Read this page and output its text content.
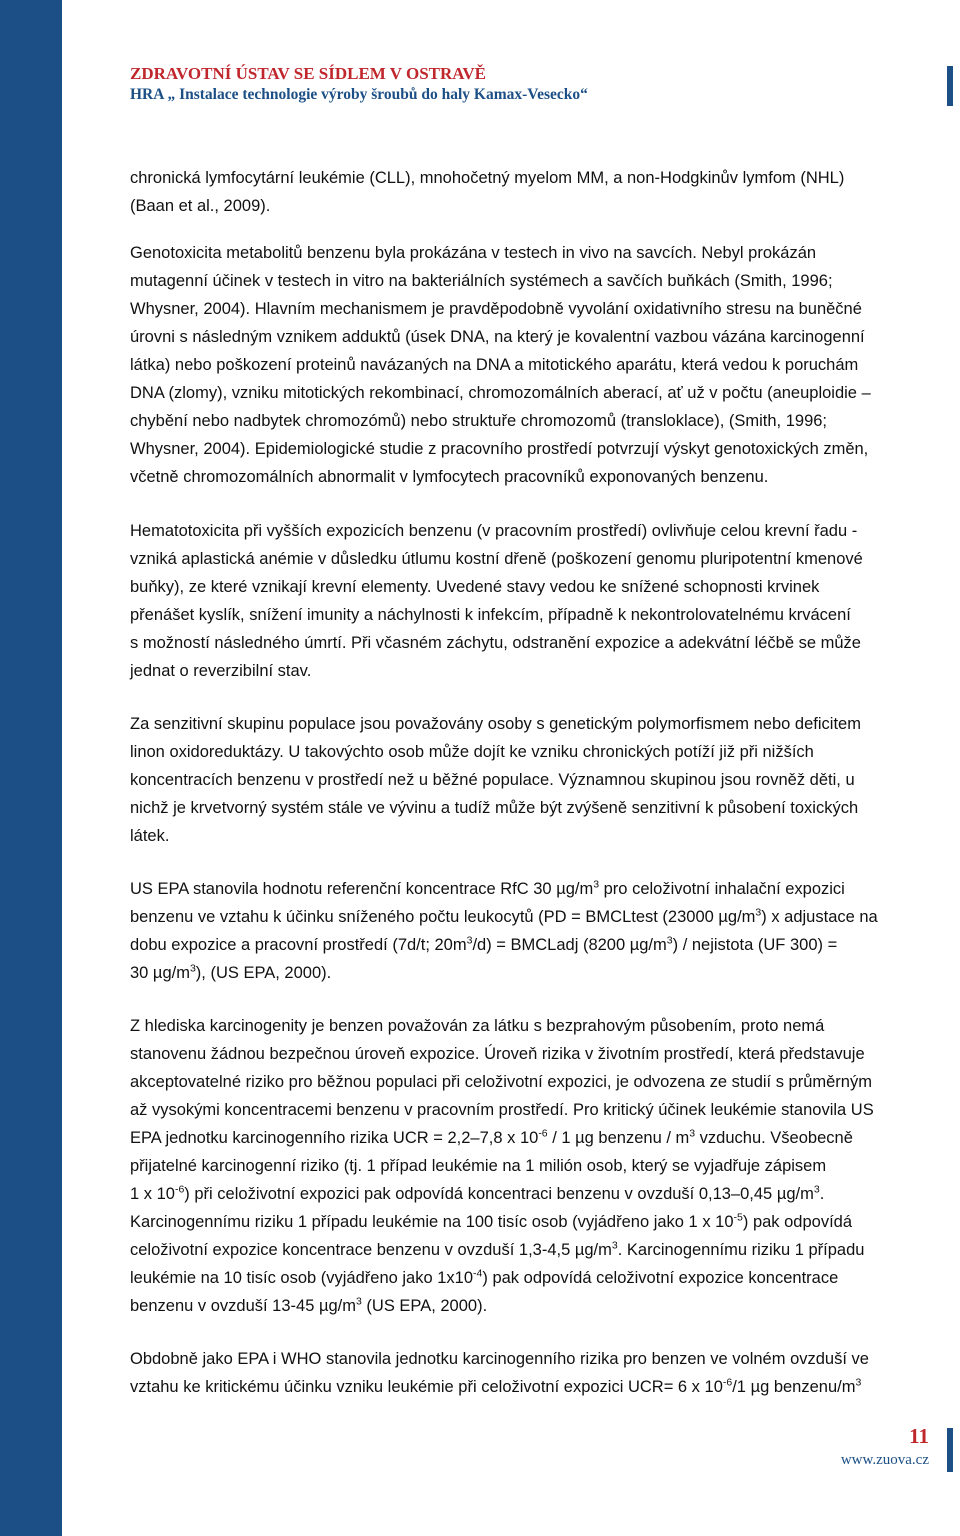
ZDRAVOTNÍ ÚSTAV SE SÍDLEM V OSTRAVĚ
HRA „ Instalace technologie výroby šroubů do haly Kamax-Vesecko“

chronická lymfocytární leukémie (CLL), mnohočetný myelom MM, a non-Hodgkinův lymfom (NHL)
(Baan et al., 2009).

Genotoxicita metabolitů benzenu byla prokázána v testech in vivo na savcích. Nebyl prokázán
mutagenní účinek v testech in vitro na bakteriálních systémech a savčích buňkách (Smith, 1996;
Whysner, 2004). Hlavním mechanismem je pravděpodobně vyvolání oxidativního stresu na buněčné
úrovni s následným vznikem adduktů (úsek DNA, na který je kovalentní vazbou vázána karcinogenní
látka) nebo poškození proteinů navázaných na DNA a mitotického aparátu, která vedou k poruchám
DNA (zlomy), vzniku mitotických rekombinací, chromozomálních aberací, ať už v počtu (aneuploidie –
chybění nebo nadbytek chromozómů) nebo struktuře chromozomů (transloklace), (Smith, 1996;
Whysner, 2004). Epidemiologické studie z pracovního prostředí potvrzují výskyt genotoxických změn,
včetně chromozomálních abnormalit v lymfocytech pracovníků exponovaných benzenu.

Hematotoxicita při vyšších expozicích benzenu (v pracovním prostředí) ovlivňuje celou krevní řadu -
vzniká aplastická anémie v důsledku útlumu kostní dřeně (poškození genomu pluripotentní kmenové
buňky), ze které vznikají krevní elementy. Uvedené stavy vedou ke snížené schopnosti krvinek
přenášet kyslík, snížení imunity a náchylnosti k infekcím, případně k nekontrolovatelnému krvácení
s možností následného úmrtí. Při včasném záchytu, odstranění expozice a adekvátní léčbě se může
jednat o reverzibilní stav.

Za senzitivní skupinu populace jsou považovány osoby s genetickým polymorfismem nebo deficitem
linon oxidoreduktázy. U takovýchto osob může dojít ke vzniku chronických potíží již při nižších
koncentracích benzenu v prostředí než u běžné populace. Významnou skupinou jsou rovněž děti, u
nichž je krvetvorný systém stále ve vývinu a tudíž může být zvýšeně senzitivní k působení toxických
látek.

US EPA stanovila hodnotu referenční koncentrace RfC 30 $\mu g/m^3$ pro celoživotní inhalační expozici
benzenu ve vztahu k účinku sníženého počtu leukocytů (PD = BMCLtest (23000 $\mu g/m^3$) x adjustace na
dobu expozice a pracovní prostředí (7d/t; $20m^3/d$) = BMCLadj (8200 $\mu g/m^3$) / nejistota (UF 300) =
30 $\mu g/m^3$), (US EPA, 2000).

Z hlediska karcinogenity je benzen považován za látku s bezprahovým působením, proto nemá
stanovenu žádnou bezpečnou úroveň expozice. Úroveň rizika v životním prostředí, která představuje
akceptovatelné riziko pro běžnou populaci při celoživotní expozici, je odvozena ze studií s průměrným
až vysokými koncentracemi benzenu v pracovním prostředí. Pro kritický účinek leukémie stanovila US
EPA jednotku karcinogenního rizika UCR = 2,2–7,8 x $10^{-6} / 1$ µg benzenu / $m^3$ vzduchu. Všeobecně
přijatelné karcinogenní riziko (tj. 1 případ leukémie na 1 milión osob, který se vyjadřuje zápisem
1 x $10^{-6}$) při celoživotní expozici pak odpovídá koncentraci benzenu v ovzduší 0,13–0,45 $\mu g/m^3$.
Karcinogennímu riziku 1 případu leukémie na 100 tisíc osob (vyjádřeno jako 1 x $10^{-5}$) pak odpovídá
celoživotní expozice koncentrace benzenu v ovzduší 1,3-4,5 $\mu g/m^3$. Karcinogennímu riziku 1 případu
leukémie na 10 tisíc osob (vyjádřeno jako $1x10^{-4}$) pak odpovídá celoživotní expozice koncentrace
benzenu v ovzduší 13-45 $\mu g/m^3$ (US EPA, 2000).

Obdobně jako EPA i WHO stanovila jednotku karcinogenního rizika pro benzen ve volném ovzduší ve
vztahu ke kritickému účinku vzniku leukémie při celoživotní expozici UCR= 6 x $10^{-6}/1$ µg benzenu/$m^3$

11
www.zuova.cz
